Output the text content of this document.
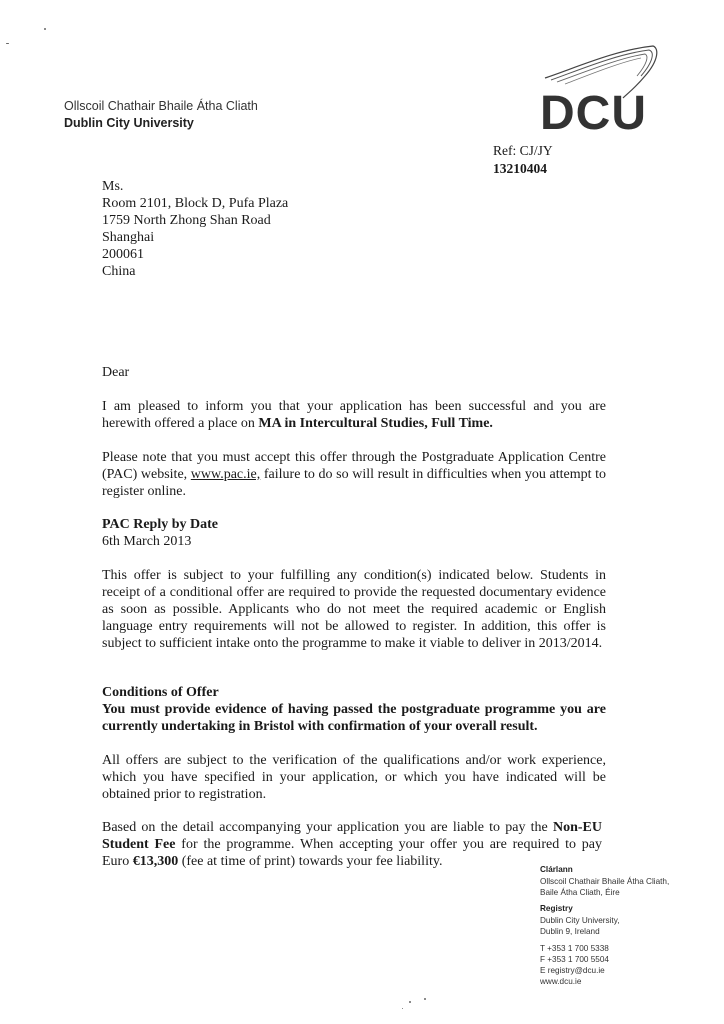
Ollscoil Chathair Bhaile Átha Cliath
Dublin City University	DCU
Ref: CJ/JY
13210404
Ms.
Room 2101, Block D, Pufa Plaza
1759 North Zhong Shan Road
Shanghai
200061
China
Dear
I am pleased to inform you that your application has been successful and you are herewith offered a place on MA in Intercultural Studies, Full Time.
Please note that you must accept this offer through the Postgraduate Application Centre (PAC) website, www.pac.ie, failure to do so will result in difficulties when you attempt to register online.
PAC Reply by Date
6th March 2013
This offer is subject to your fulfilling any condition(s) indicated below. Students in receipt of a conditional offer are required to provide the requested documentary evidence as soon as possible. Applicants who do not meet the required academic or English language entry requirements will not be allowed to register. In addition, this offer is subject to sufficient intake onto the programme to make it viable to deliver in 2013/2014.
Conditions of Offer
You must provide evidence of having passed the postgraduate programme you are currently undertaking in Bristol with confirmation of your overall result.
All offers are subject to the verification of the qualifications and/or work experience, which you have specified in your application, or which you have indicated will be obtained prior to registration.
Based on the detail accompanying your application you are liable to pay the Non-EU Student Fee for the programme. When accepting your offer you are required to pay Euro €13,300 (fee at time of print) towards your fee liability.
Clárlann
Ollscoil Chathair Bhaile Átha Cliath,
Baile Átha Cliath, Éire
Registry
Dublin City University,
Dublin 9, Ireland
T +353 1 700 5338
F +353 1 700 5504
E registry@dcu.ie
www.dcu.ie
